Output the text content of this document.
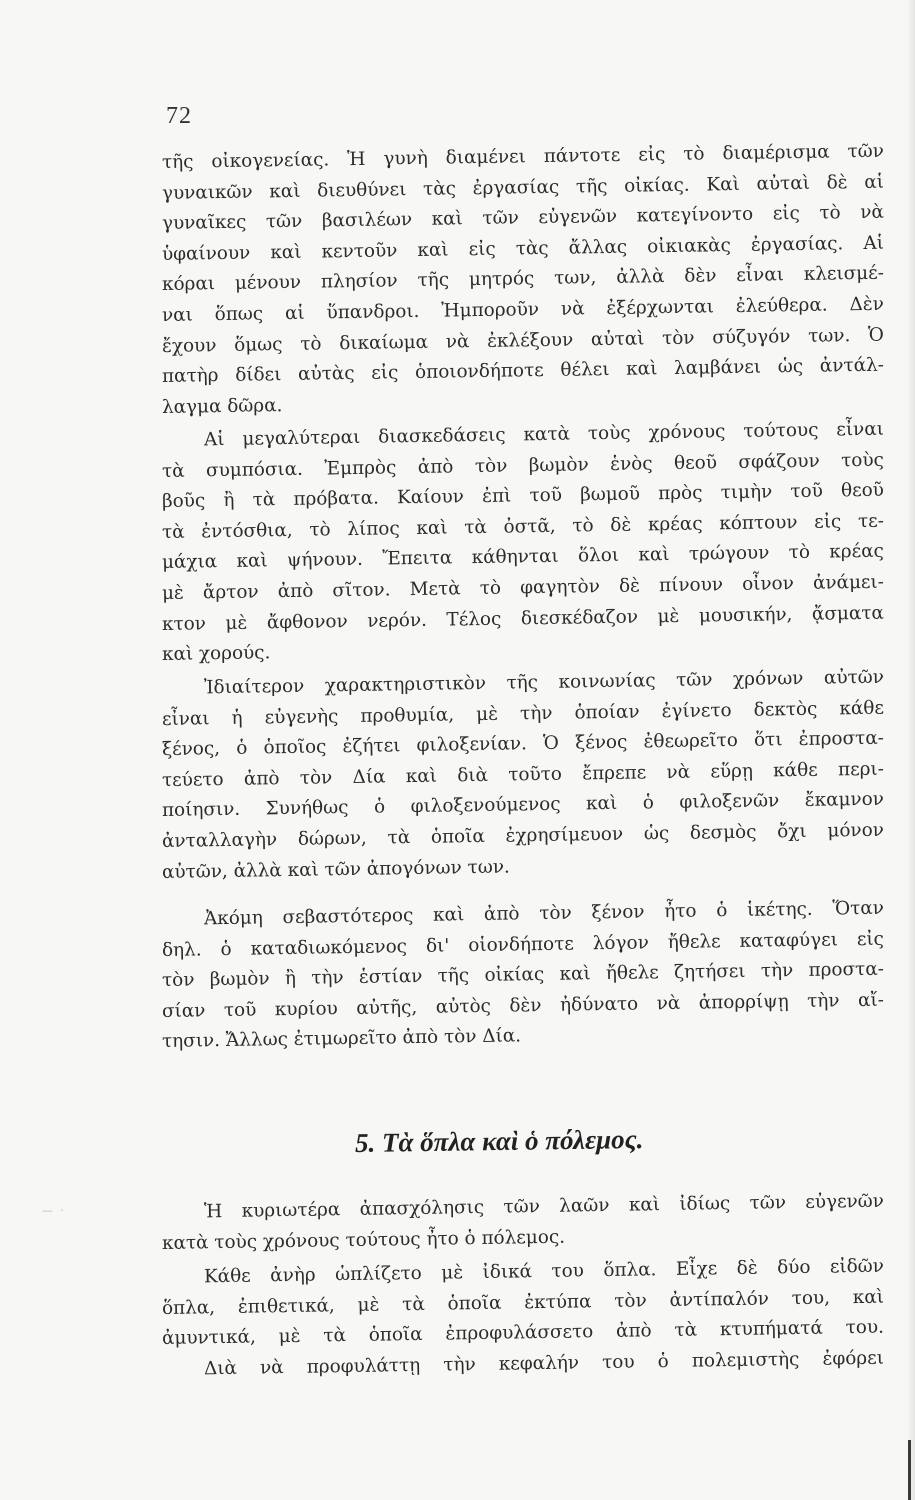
72
τῆς οἰκογενείας. Ἡ γυνὴ διαμένει πάντοτε εἰς τὸ διαμέρισμα τῶν
γυναικῶν καὶ διευθύνει τὰς ἐργασίας τῆς οἰκίας. Καὶ αὐταὶ δὲ αἱ
γυναῖκες τῶν βασιλέων καὶ τῶν εὐγενῶν κατεγίνοντο εἰς τὸ νὰ
ὑφαίνουν καὶ κεντοῦν καὶ εἰς τὰς ἄλλας οἰκιακὰς ἐργασίας. Αἱ
κόραι μένουν πλησίον τῆς μητρός των, ἀλλὰ δὲν εἶναι κλεισμέ-
ναι ὅπως αἱ ὕπανδροι. Ἠμποροῦν νὰ ἐξέρχωνται ἐλεύθερα. Δὲν
ἔχουν ὅμως τὸ δικαίωμα νὰ ἐκλέξουν αὐταὶ τὸν σύζυγόν των. Ὁ
πατὴρ δίδει αὐτὰς εἰς ὁποιονδήποτε θέλει καὶ λαμβάνει ὡς ἀντάλ-
λαγμα δῶρα.
Αἱ μεγαλύτεραι διασκεδάσεις κατὰ τοὺς χρόνους τούτους εἶναι
τὰ συμπόσια. Ἐμπρὸς ἀπὸ τὸν βωμὸν ἑνὸς θεοῦ σφάζουν τοὺς
βοῦς ἢ τὰ πρόβατα. Καίουν ἐπὶ τοῦ βωμοῦ πρὸς τιμὴν τοῦ θεοῦ
τὰ ἐντόσθια, τὸ λίπος καὶ τὰ ὀστᾶ, τὸ δὲ κρέας κόπτουν εἰς τε-
μάχια καὶ ψήνουν. Ἔπειτα κάθηνται ὅλοι καὶ τρώγουν τὸ κρέας
μὲ ἄρτον ἀπὸ σῖτον. Μετὰ τὸ φαγητὸν δὲ πίνουν οἶνον ἀνάμει-
κτον μὲ ἄφθονον νερόν. Τέλος διεσκέδαζον μὲ μουσικήν, ᾄσματα
καὶ χορούς.
Ἰδιαίτερον χαρακτηριστικὸν τῆς κοινωνίας τῶν χρόνων αὐτῶν
εἶναι ἡ εὐγενὴς προθυμία, μὲ τὴν ὁποίαν ἐγίνετο δεκτὸς κάθε
ξένος, ὁ ὁποῖος ἐζήτει φιλοξενίαν. Ὁ ξένος ἐθεωρεῖτο ὅτι ἐπροστα-
τεύετο ἀπὸ τὸν Δία καὶ διὰ τοῦτο ἔπρεπε νὰ εὕρῃ κάθε περι-
ποίησιν. Συνήθως ὁ φιλοξενούμενος καὶ ὁ φιλοξενῶν ἔκαμνον
ἀνταλλαγὴν δώρων, τὰ ὁποῖα ἐχρησίμευον ὡς δεσμὸς ὄχι μόνον
αὐτῶν, ἀλλὰ καὶ τῶν ἀπογόνων των.
Ἀκόμη σεβαστότερος καὶ ἀπὸ τὸν ξένον ἦτο ὁ ἱκέτης. Ὅταν
δηλ. ὁ καταδιωκόμενος δι' οἱονδήποτε λόγον ἤθελε καταφύγει εἰς
τὸν βωμὸν ἢ τὴν ἑστίαν τῆς οἰκίας καὶ ἤθελε ζητήσει τὴν προστα-
σίαν τοῦ κυρίου αὐτῆς, αὐτὸς δὲν ἠδύνατο νὰ ἀπορρίψῃ τὴν αἴ-
τησιν. Ἄλλως ἐτιμωρεῖτο ἀπὸ τὸν Δία.
5. Τὰ ὅπλα καὶ ὁ πόλεμος.
— ·	Ἡ κυριωτέρα ἀπασχόλησις τῶν λαῶν καὶ ἰδίως τῶν εὐγενῶν
κατὰ τοὺς χρόνους τούτους ἦτο ὁ πόλεμος.
Κάθε ἀνὴρ ὡπλίζετο μὲ ἰδικά του ὅπλα. Εἶχε δὲ δύο εἰδῶν
ὅπλα, ἐπιθετικά, μὲ τὰ ὁποῖα ἐκτύπα τὸν ἀντίπαλόν του, καὶ
ἀμυντικά, μὲ τὰ ὁποῖα ἐπροφυλάσσετο ἀπὸ τὰ κτυπήματά του.
Διὰ νὰ προφυλάττῃ τὴν κεφαλήν του ὁ πολεμιστὴς ἐφόρει
